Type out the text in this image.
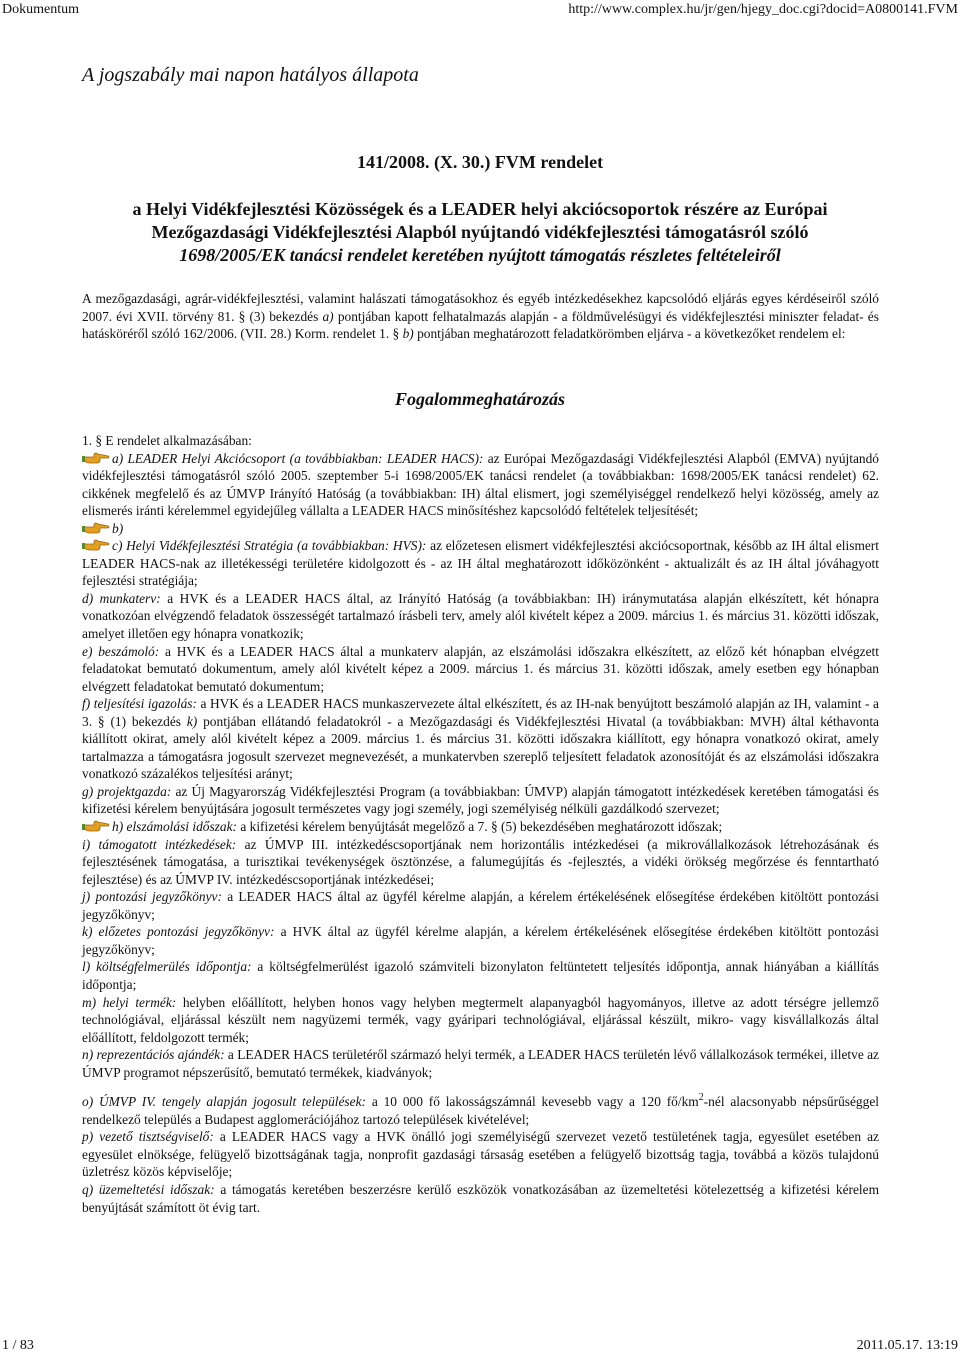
Dokumentum	http://www.complex.hu/jr/gen/hjegy_doc.cgi?docid=A0800141.FVM
A jogszabály mai napon hatályos állapota
141/2008. (X. 30.) FVM rendelet
a Helyi Vidékfejlesztési Közösségek és a LEADER helyi akciócsoportok részére az Európai
Mezőgazdasági Vidékfejlesztési Alapból nyújtandó vidékfejlesztési támogatásról szóló
1698/2005/EK tanácsi rendelet keretében nyújtott támogatás részletes feltételeiről
A mezőgazdasági, agrár-vidékfejlesztési, valamint halászati támogatásokhoz és egyéb intézkedésekhez kapcsolódó eljárás egyes kérdéseiről szóló 2007. évi XVII. törvény 81. § (3) bekezdés a) pontjában kapott felhatalmazás alapján - a földművelésügyi és vidékfejlesztési miniszter feladat- és hatásköréről szóló 162/2006. (VII. 28.) Korm. rendelet 1. § b) pontjában meghatározott feladatkörömben eljárva - a következőket rendelem el:
Fogalommeghatározás

1. § E rendelet alkalmazásában:

a) LEADER Helyi Akciócsoport (a továbbiakban: LEADER HACS): az Európai Mezőgazdasági Vidékfejlesztési Alapból (EMVA) nyújtandó vidékfejlesztési támogatásról szóló 2005. szeptember 5-i 1698/2005/EK tanácsi rendelet (a továbbiakban: 1698/2005/EK tanácsi rendelet) 62. cikkének megfelelő és az ÚMVP Irányító Hatóság (a továbbiakban: IH) által elismert, jogi személyiséggel rendelkező helyi közösség, amely az elismerés iránti kérelemmel egyidejűleg vállalta a LEADER HACS minősítéshez kapcsolódó feltételek teljesítését;

b)

c) Helyi Vidékfejlesztési Stratégia (a továbbiakban: HVS): az előzetesen elismert vidékfejlesztési akciócsoportnak, később az IH által elismert LEADER HACS-nak az illetékességi területére kidolgozott és - az IH által meghatározott időközönként - aktualizált és az IH által jóváhagyott fejlesztési stratégiája;

d) munkaterv: a HVK és a LEADER HACS által, az Irányító Hatóság (a továbbiakban: IH) iránymutatása alapján elkészített, két hónapra vonatkozóan elvégzendő feladatok összességét tartalmazó írásbeli terv, amely alól kivételt képez a 2009. március 1. és március 31. közötti időszak, amelyet illetően egy hónapra vonatkozik;

e) beszámoló: a HVK és a LEADER HACS által a munkaterv alapján, az elszámolási időszakra elkészített, az előző két hónapban elvégzett feladatokat bemutató dokumentum, amely alól kivételt képez a 2009. március 1. és március 31. közötti időszak, amely esetben egy hónapban elvégzett feladatokat bemutató dokumentum;

f) teljesítési igazolás: a HVK és a LEADER HACS munkaszervezete által elkészített, és az IH-nak benyújtott beszámoló alapján az IH, valamint - a 3. § (1) bekezdés k) pontjában ellátandó feladatokról - a Mezőgazdasági és Vidékfejlesztési Hivatal (a továbbiakban: MVH) által kéthavonta kiállított okirat, amely alól kivételt képez a 2009. március 1. és március 31. közötti időszakra kiállított, egy hónapra vonatkozó okirat, amely tartalmazza a támogatásra jogosult szervezet megnevezését, a munkatervben szereplő teljesített feladatok azonosítóját és az elszámolási időszakra vonatkozó százalékos teljesítési arányt;

g) projektgazda: az Új Magyarország Vidékfejlesztési Program (a továbbiakban: ÚMVP) alapján támogatott intézkedések keretében támogatási és kifizetési kérelem benyújtására jogosult természetes vagy jogi személy, jogi személyiség nélküli gazdálkodó szervezet;

h) elszámolási időszak: a kifizetési kérelem benyújtását megelőző a 7. § (5) bekezdésében meghatározott időszak;

i) támogatott intézkedések: az ÚMVP III. intézkedéscsoportjának nem horizontális intézkedései (a mikrovállalkozások létrehozásának és fejlesztésének támogatása, a turisztikai tevékenységek ösztönzése, a falumegújítás és -fejlesztés, a vidéki örökség megőrzése és fenntartható fejlesztése) és az ÚMVP IV. intézkedéscsoportjának intézkedései;

j) pontozási jegyzőkönyv: a LEADER HACS által az ügyfél kérelme alapján, a kérelem értékelésének elősegítése érdekében kitöltött pontozási jegyzőkönyv;

k) előzetes pontozási jegyzőkönyv: a HVK által az ügyfél kérelme alapján, a kérelem értékelésének elősegítése érdekében kitöltött pontozási jegyzőkönyv;

l) költségfelmerülés időpontja: a költségfelmerülést igazoló számviteli bizonylaton feltüntetett teljesítés időpontja, annak hiányában a kiállítás időpontja;

m) helyi termék: helyben előállított, helyben honos vagy helyben megtermelt alapanyagból hagyományos, illetve az adott térségre jellemző technológiával, eljárással készült nem nagyüzemi termék, vagy gyáripari technológiával, eljárással készült, mikro- vagy kisvállalkozás által előállított, feldolgozott termék;

n) reprezentációs ajándék: a LEADER HACS területéről származó helyi termék, a LEADER HACS területén lévő vállalkozások termékei, illetve az ÚMVP programot népszerűsítő, bemutató termékek, kiadványok;

o) ÚMVP IV. tengely alapján jogosult települések: a 10 000 fő lakosságszámnál kevesebb vagy a 120 $fő/km^2$-nél alacsonyabb népsűrűséggel rendelkező település a Budapest agglomerációjához tartozó települések kivételével;

p) vezető tisztségviselő: a LEADER HACS vagy a HVK önálló jogi személyiségű szervezet vezető testületének tagja, egyesület esetében az egyesület elnöksége, felügyelő bizottságának tagja, nonprofit gazdasági társaság esetében a felügyelő bizottság tagja, továbbá a közös tulajdonú üzletrész közös képviselője;

q) üzemeltetési időszak: a támogatás keretében beszerzésre kerülő eszközök vonatkozásában az üzemeltetési kötelezettség a kifizetési kérelem benyújtását számított öt évig tart.

1 / 83	2011.05.17. 13:19
